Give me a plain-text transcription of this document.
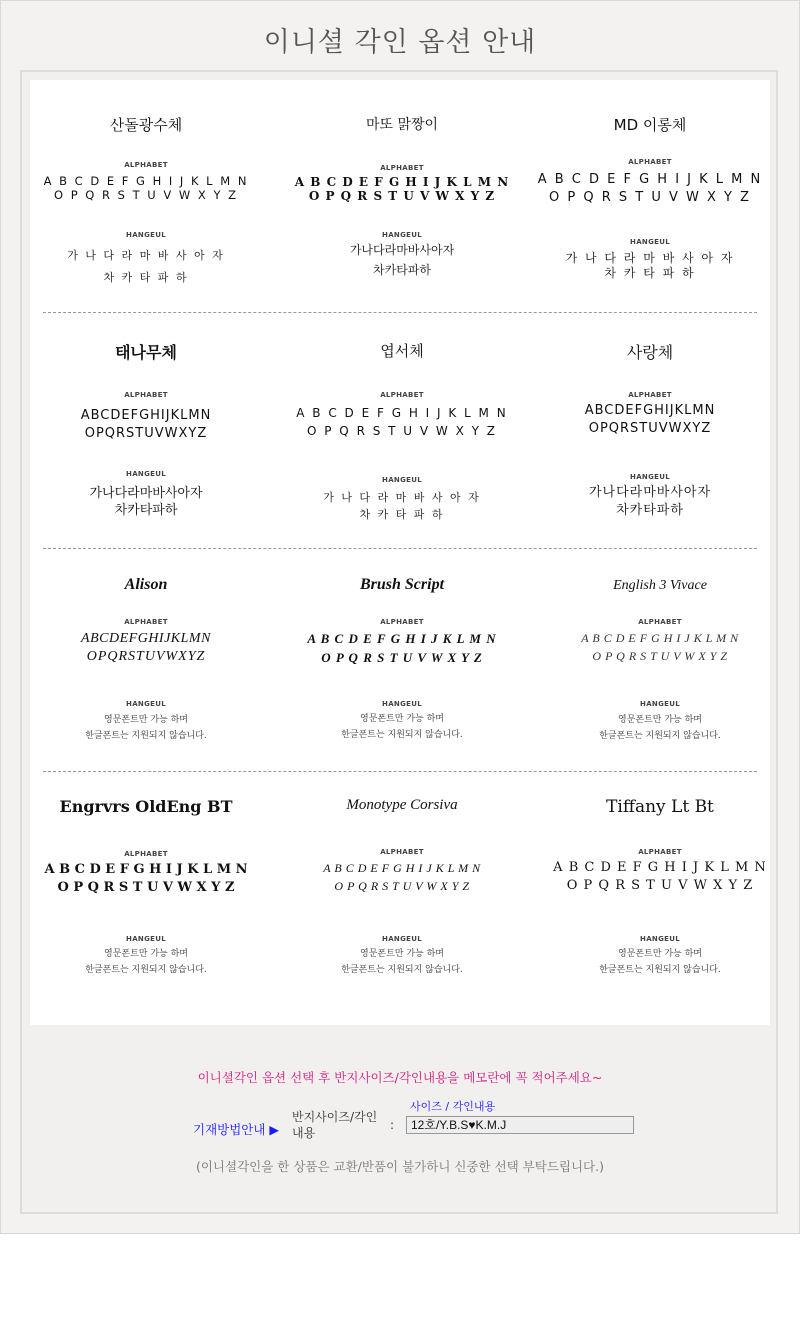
이니셜 각인 옵션 안내
산돌광수체
ALPHABET
A B C D E F G H I J K L M N
O P Q R S T U V W X Y Z
HANGEUL
가 나 다 라 마 바 사 아 자
차 카 타 파 하
마또 맑짱이
ALPHABET
A B C D E F G H I J K L M N
O P Q R S T U V W X Y Z
HANGEUL
가나다라마바사아자
차카타파하
MD 이롱체
ALPHABET
A B C D E F G H I J K L M N
O P Q R S T U V W X Y Z
HANGEUL
가 나 다 라 마 바 사 아 자
차 카 타 파 하
태나무체
ALPHABET
ABCDEFGHIJKLMN
OPQRSTUVWXYZ
HANGEUL
가나다라마바사아자
차카타파하
엽서체
ALPHABET
A B C D E F G H I J K L M N
O P Q R S T U V W X Y Z
HANGEUL
가 나 다 라 마 바 사 아 자
차 카 타 파 하
사랑체
ALPHABET
ABCDEFGHIJKLMN
OPQRSTUVWXYZ
HANGEUL
가나다라마바사아자
차카타파하
Alison
ALPHABET
ABCDEFGHIJKLMN
OPQRSTUVWXYZ
HANGEUL
영문폰트만 가능 하며
한글폰트는 지원되지 않습니다.
Brush Script
ALPHABET
A B C D E F G H I J K L M N
O P Q R S T U V W X Y Z
HANGEUL
영문폰트만 가능 하며
한글폰트는 지원되지 않습니다.
English 3 Vivace
ALPHABET
A B C D E F G H I J K L M N
O P Q R S T U V W X Y Z
HANGEUL
영문폰트만 가능 하며
한글폰트는 지원되지 않습니다.
Engrvrs OldEng BT
ALPHABET
A B C D E F G H I J K L M N
O P Q R S T U V W X Y Z
HANGEUL
영문폰트만 가능 하며
한글폰트는 지원되지 않습니다.
Monotype Corsiva
ALPHABET
A B C D E F G H I J K L M N
O P Q R S T U V W X Y Z
HANGEUL
영문폰트만 가능 하며
한글폰트는 지원되지 않습니다.
Tiffany Lt Bt
ALPHABET
A B C D E F G H I J K L M N
O P Q R S T U V W X Y Z
HANGEUL
영문폰트만 가능 하며
한글폰트는 지원되지 않습니다.
이니셜각인 옵션 선택 후 반지사이즈/각인내용을 메모란에 꼭 적어주세요~
기재방법안내 ▶
반지사이즈/각인내용
:
사이즈 / 각인내용
12호/Y.B.S♥K.M.J
(이니셜각인을 한 상품은 교환/반품이 불가하니 신중한 선택 부탁드립니다.)
